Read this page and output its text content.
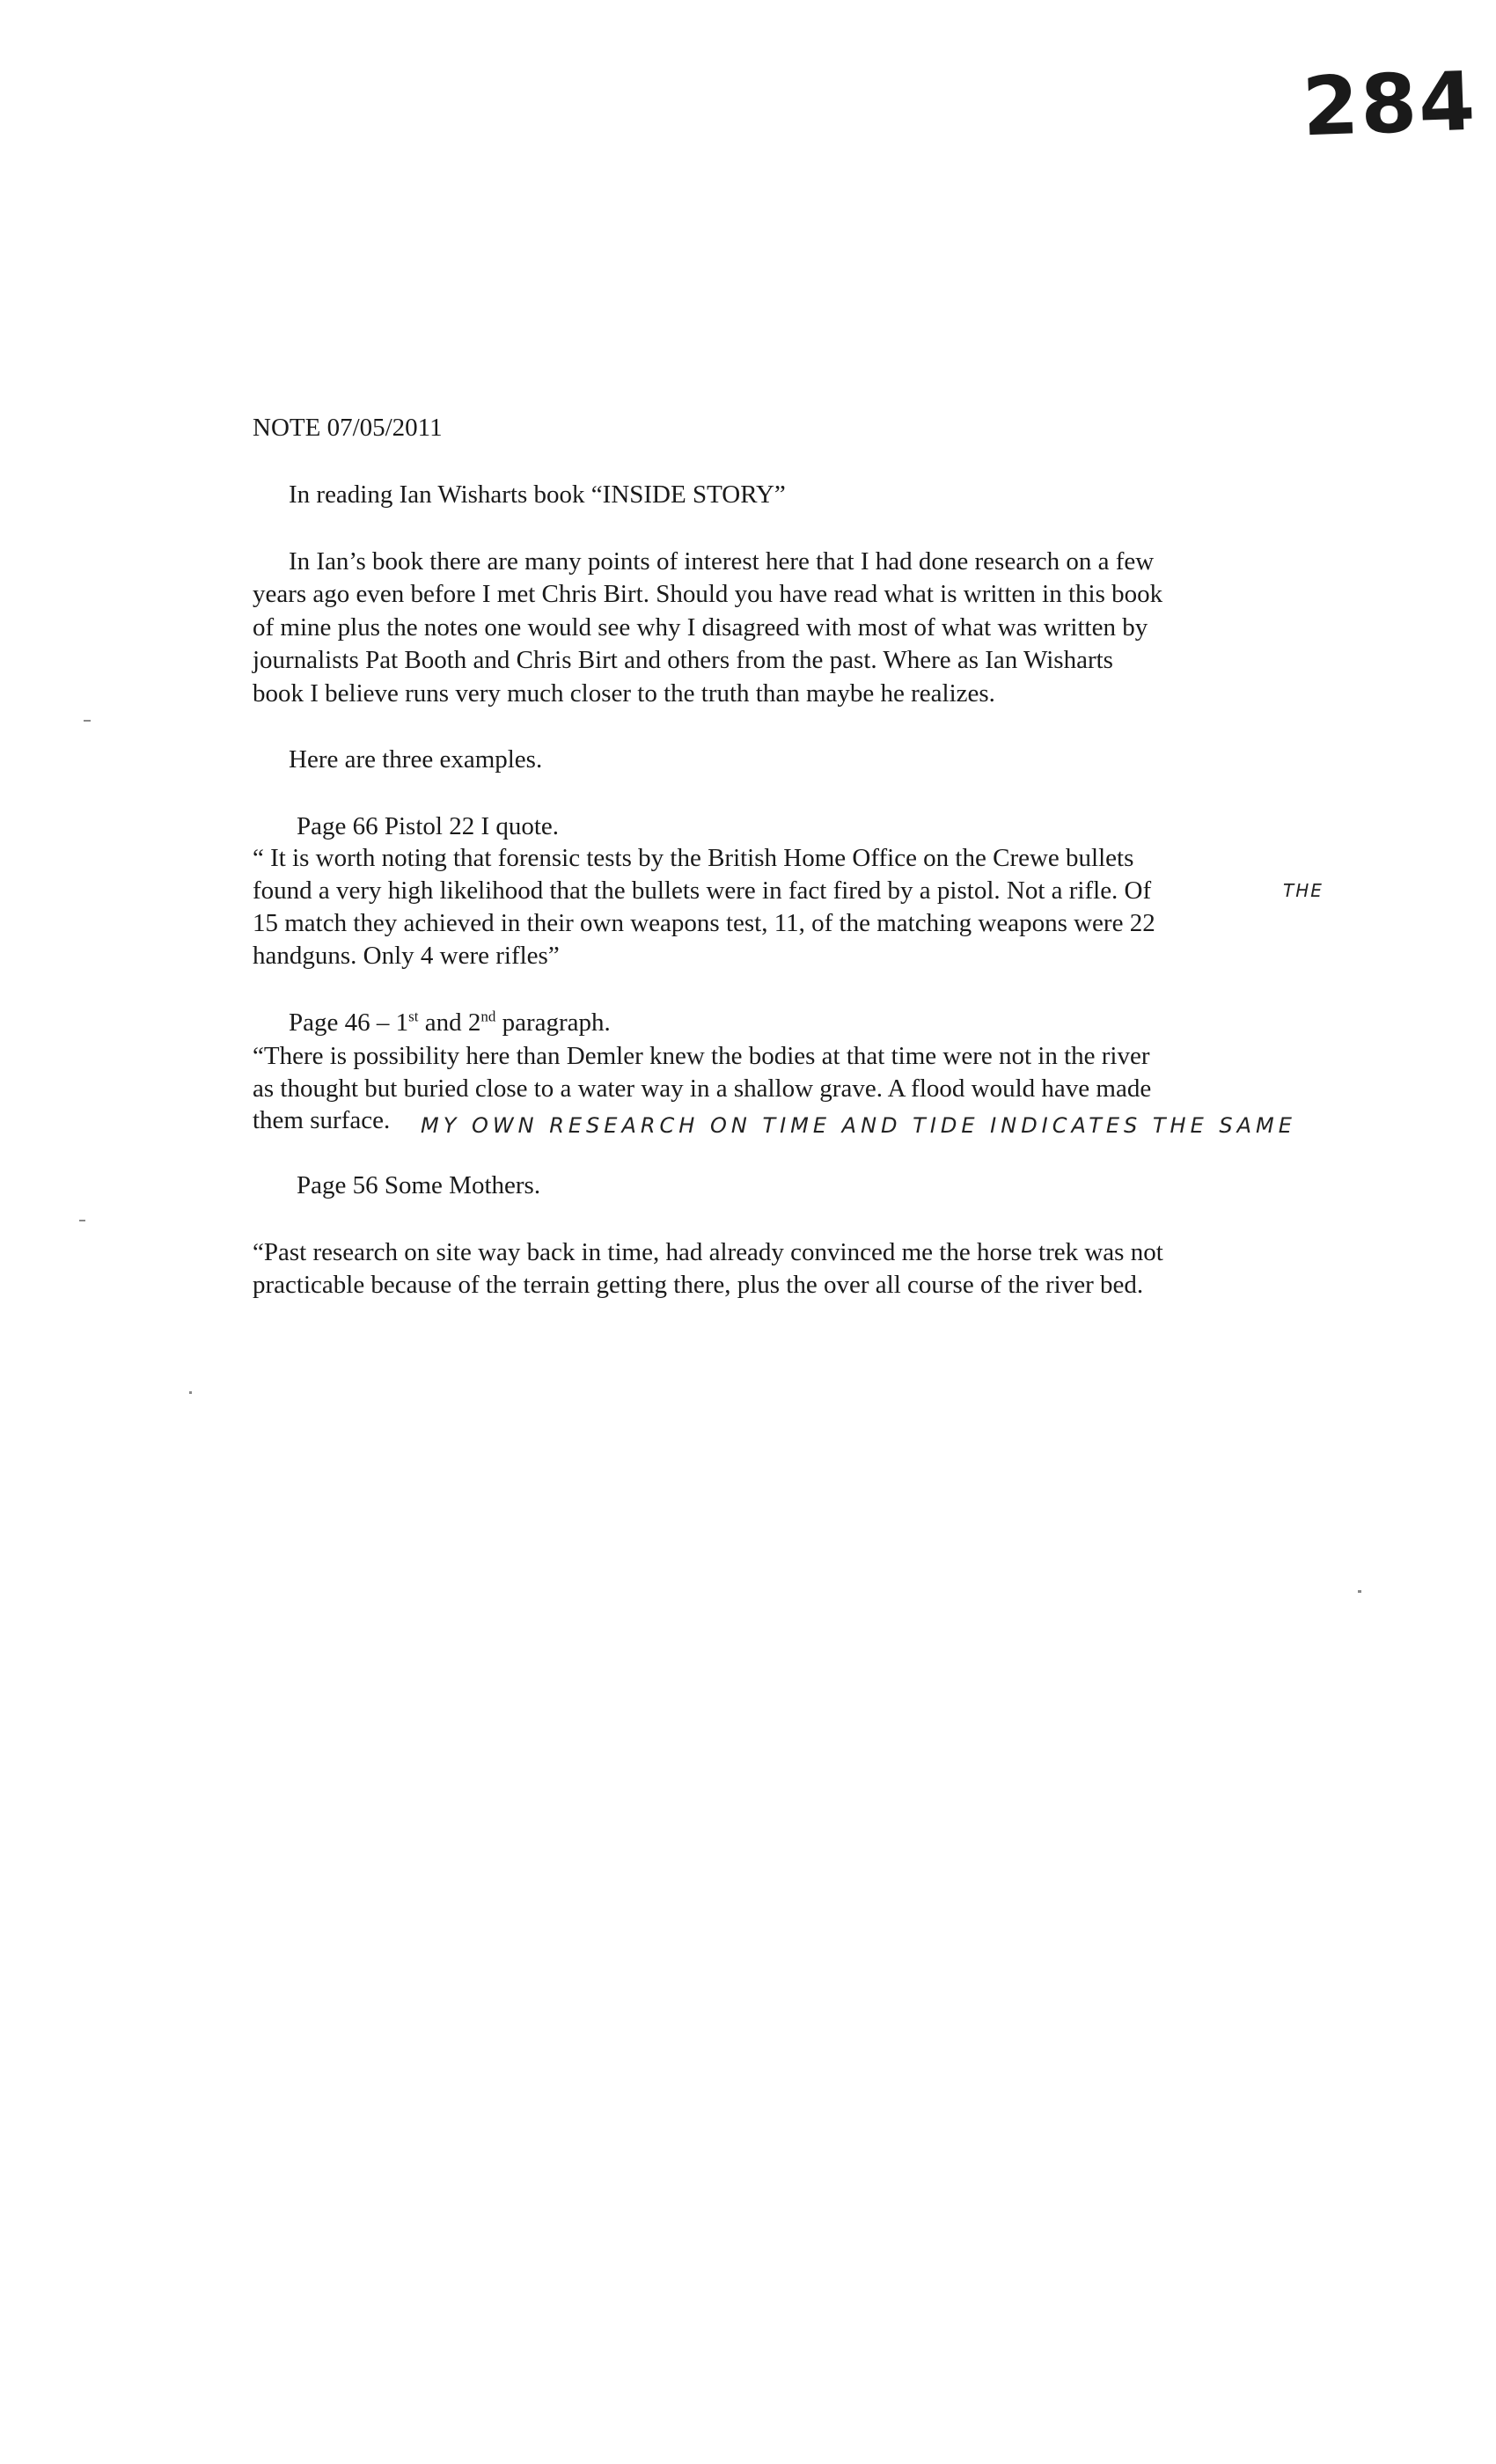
284
NOTE 07/05/2011
In reading Ian Wisharts book “INSIDE STORY”
In Ian’s book there are many points of interest here that I had done research on a few
years ago even before I met Chris Birt. Should you have read what is written in this book
of mine plus the notes one would see why I disagreed with most of what was written by
journalists Pat Booth and Chris Birt and others from the past. Where as Ian Wisharts
book I believe runs very much closer to the truth than maybe he realizes.
Here are three examples.
Page 66 Pistol 22 I quote.
“ It is worth noting that forensic tests by the British Home Office on the Crewe bullets
found a very high likelihood that the bullets were in fact fired by a pistol. Not a rifle. Of	THE
15 match they achieved in their own weapons test, 11, of the matching weapons were 22
handguns. Only 4 were rifles”
Page 46 – 1st and 2nd paragraph.
“There is possibility here than Demler knew the bodies at that time were not in the river
as thought but buried close to a water way in a shallow grave. A flood would have made
them surface. MY OWN RESEARCH ON TIME AND TIDE INDICATES THE SAME
Page 56 Some Mothers.
“Past research on site way back in time, had already convinced me the horse trek was not
practicable because of the terrain getting there, plus the over all course of the river bed.
